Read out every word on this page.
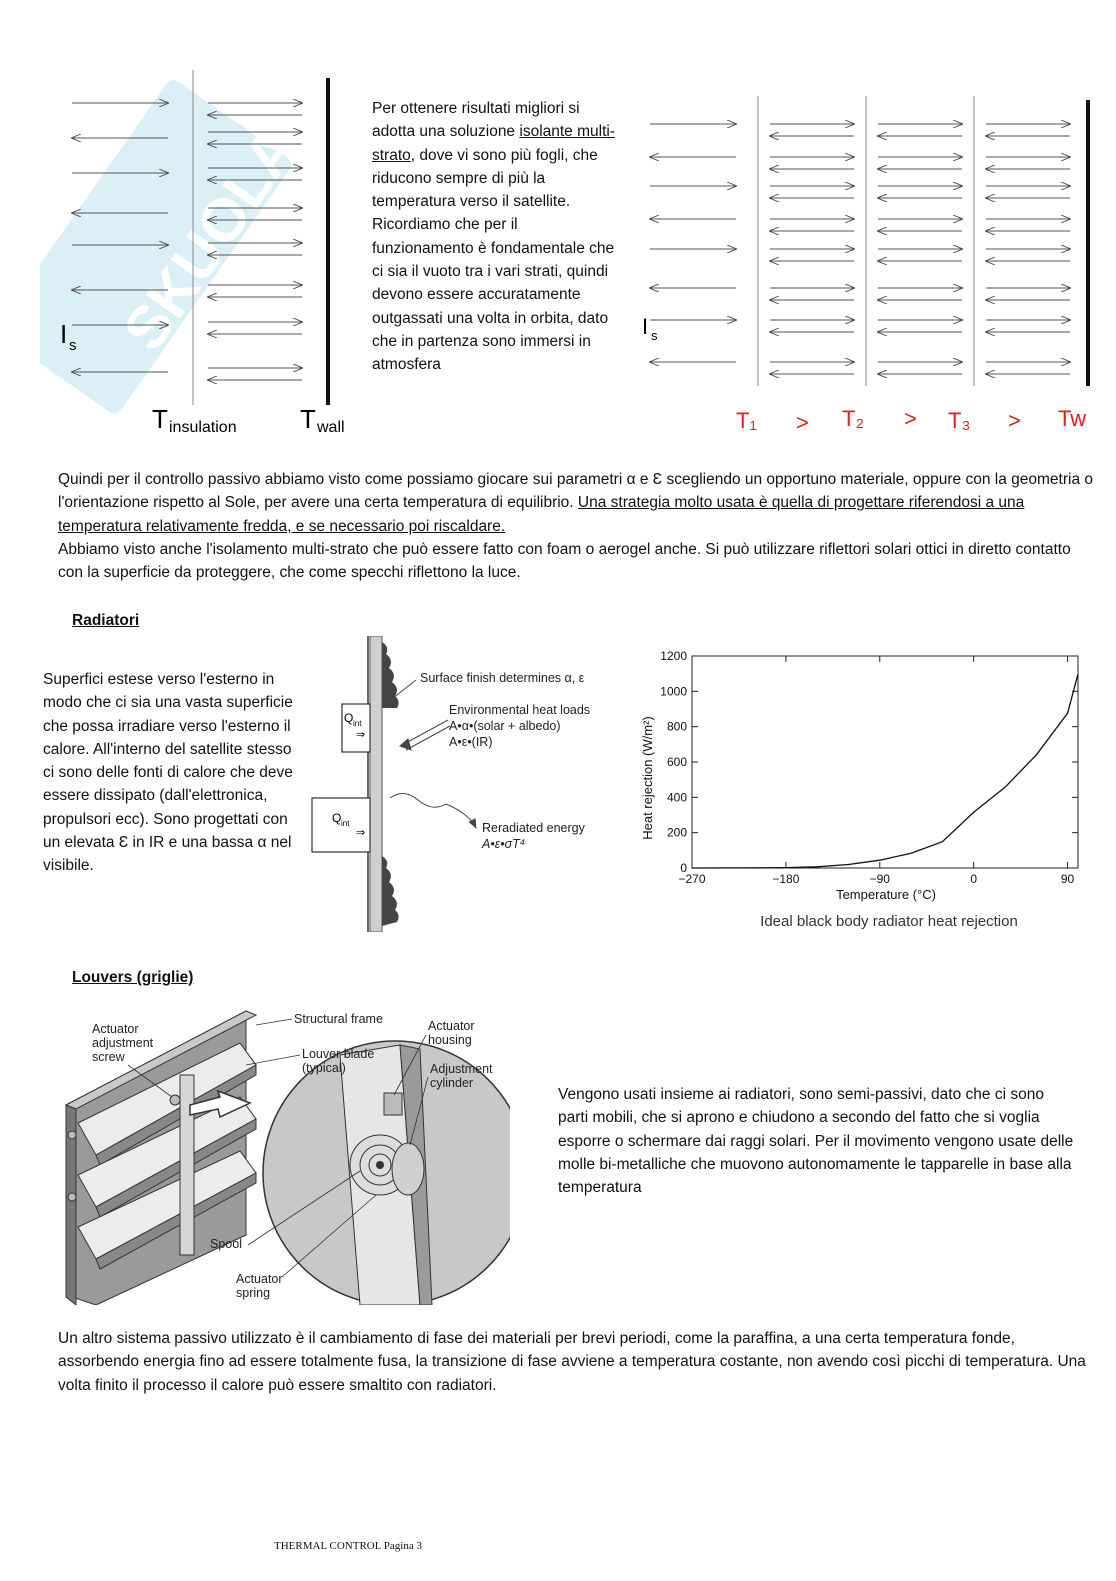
SKUOLA
I s
T insulation T wall
Per ottenere risultati migliori si adotta una soluzione isolante multi-strato, dove vi sono più fogli, che riducono sempre di più la temperatura verso il satellite. Ricordiamo che per il funzionamento è fondamentale che ci sia il vuoto tra i vari strati, quindi devono essere accuratamente outgassati una volta in orbita, dato che in partenza sono immersi in atmosfera
I s
T₁ > T₂ > T₃ > Tw
Quindi per il controllo passivo abbiamo visto come possiamo giocare sui parametri α e Ɛ scegliendo un opportuno materiale, oppure con la geometria o l'orientazione rispetto al Sole, per avere una certa temperatura di equilibrio. Una strategia molto usata è quella di progettare riferendosi a una temperatura relativamente fredda, e se necessario poi riscaldare.
Abbiamo visto anche l'isolamento multi-strato che può essere fatto con foam o aerogel anche. Si può utilizzare riflettori solari ottici in diretto contatto con la superficie da proteggere, che come specchi riflettono la luce.
Radiatori
Superfici estese verso l'esterno in modo che ci sia una vasta superficie che possa irradiare verso l'esterno il calore. All'interno del satellite stesso ci sono delle fonti di calore che deve essere dissipato (dall'elettronica, propulsori ecc). Sono progettati con un elevata Ɛ in IR e una bassa α nel visibile.
Q int
⇒
Q int
⇒
Surface finish determines α, ε
Environmental heat loads
A•α•(solar + albedo)
A•ε•(IR)
Reradiated energy
A•ε•σT⁴
Heat rejection (W/m²)
Temperature (°C)
Ideal black body radiator heat rejection
0
200
400
600
800
1000
1200
−270	−180	−90	0	90
Louvers (griglie)
Actuator
adjustment
screw
Structural frame
Louver blade
(typical)
Actuator
housing
Adjustment
cylinder
Spool
Actuator
spring
Vengono usati insieme ai radiatori, sono semi-passivi, dato che ci sono parti mobili, che si aprono e chiudono a secondo del fatto che si voglia esporre o schermare dai raggi solari. Per il movimento vengono usate delle molle bi-metalliche che muovono autonomamente le tapparelle in base alla temperatura
Un altro sistema passivo utilizzato è il cambiamento di fase dei materiali per brevi periodi, come la paraffina, a una certa temperatura fonde, assorbendo energia fino ad essere totalmente fusa, la transizione di fase avviene a temperatura costante, non avendo così picchi di temperatura. Una volta finito il processo il calore può essere smaltito con radiatori.
THERMAL CONTROL Pagina 3
